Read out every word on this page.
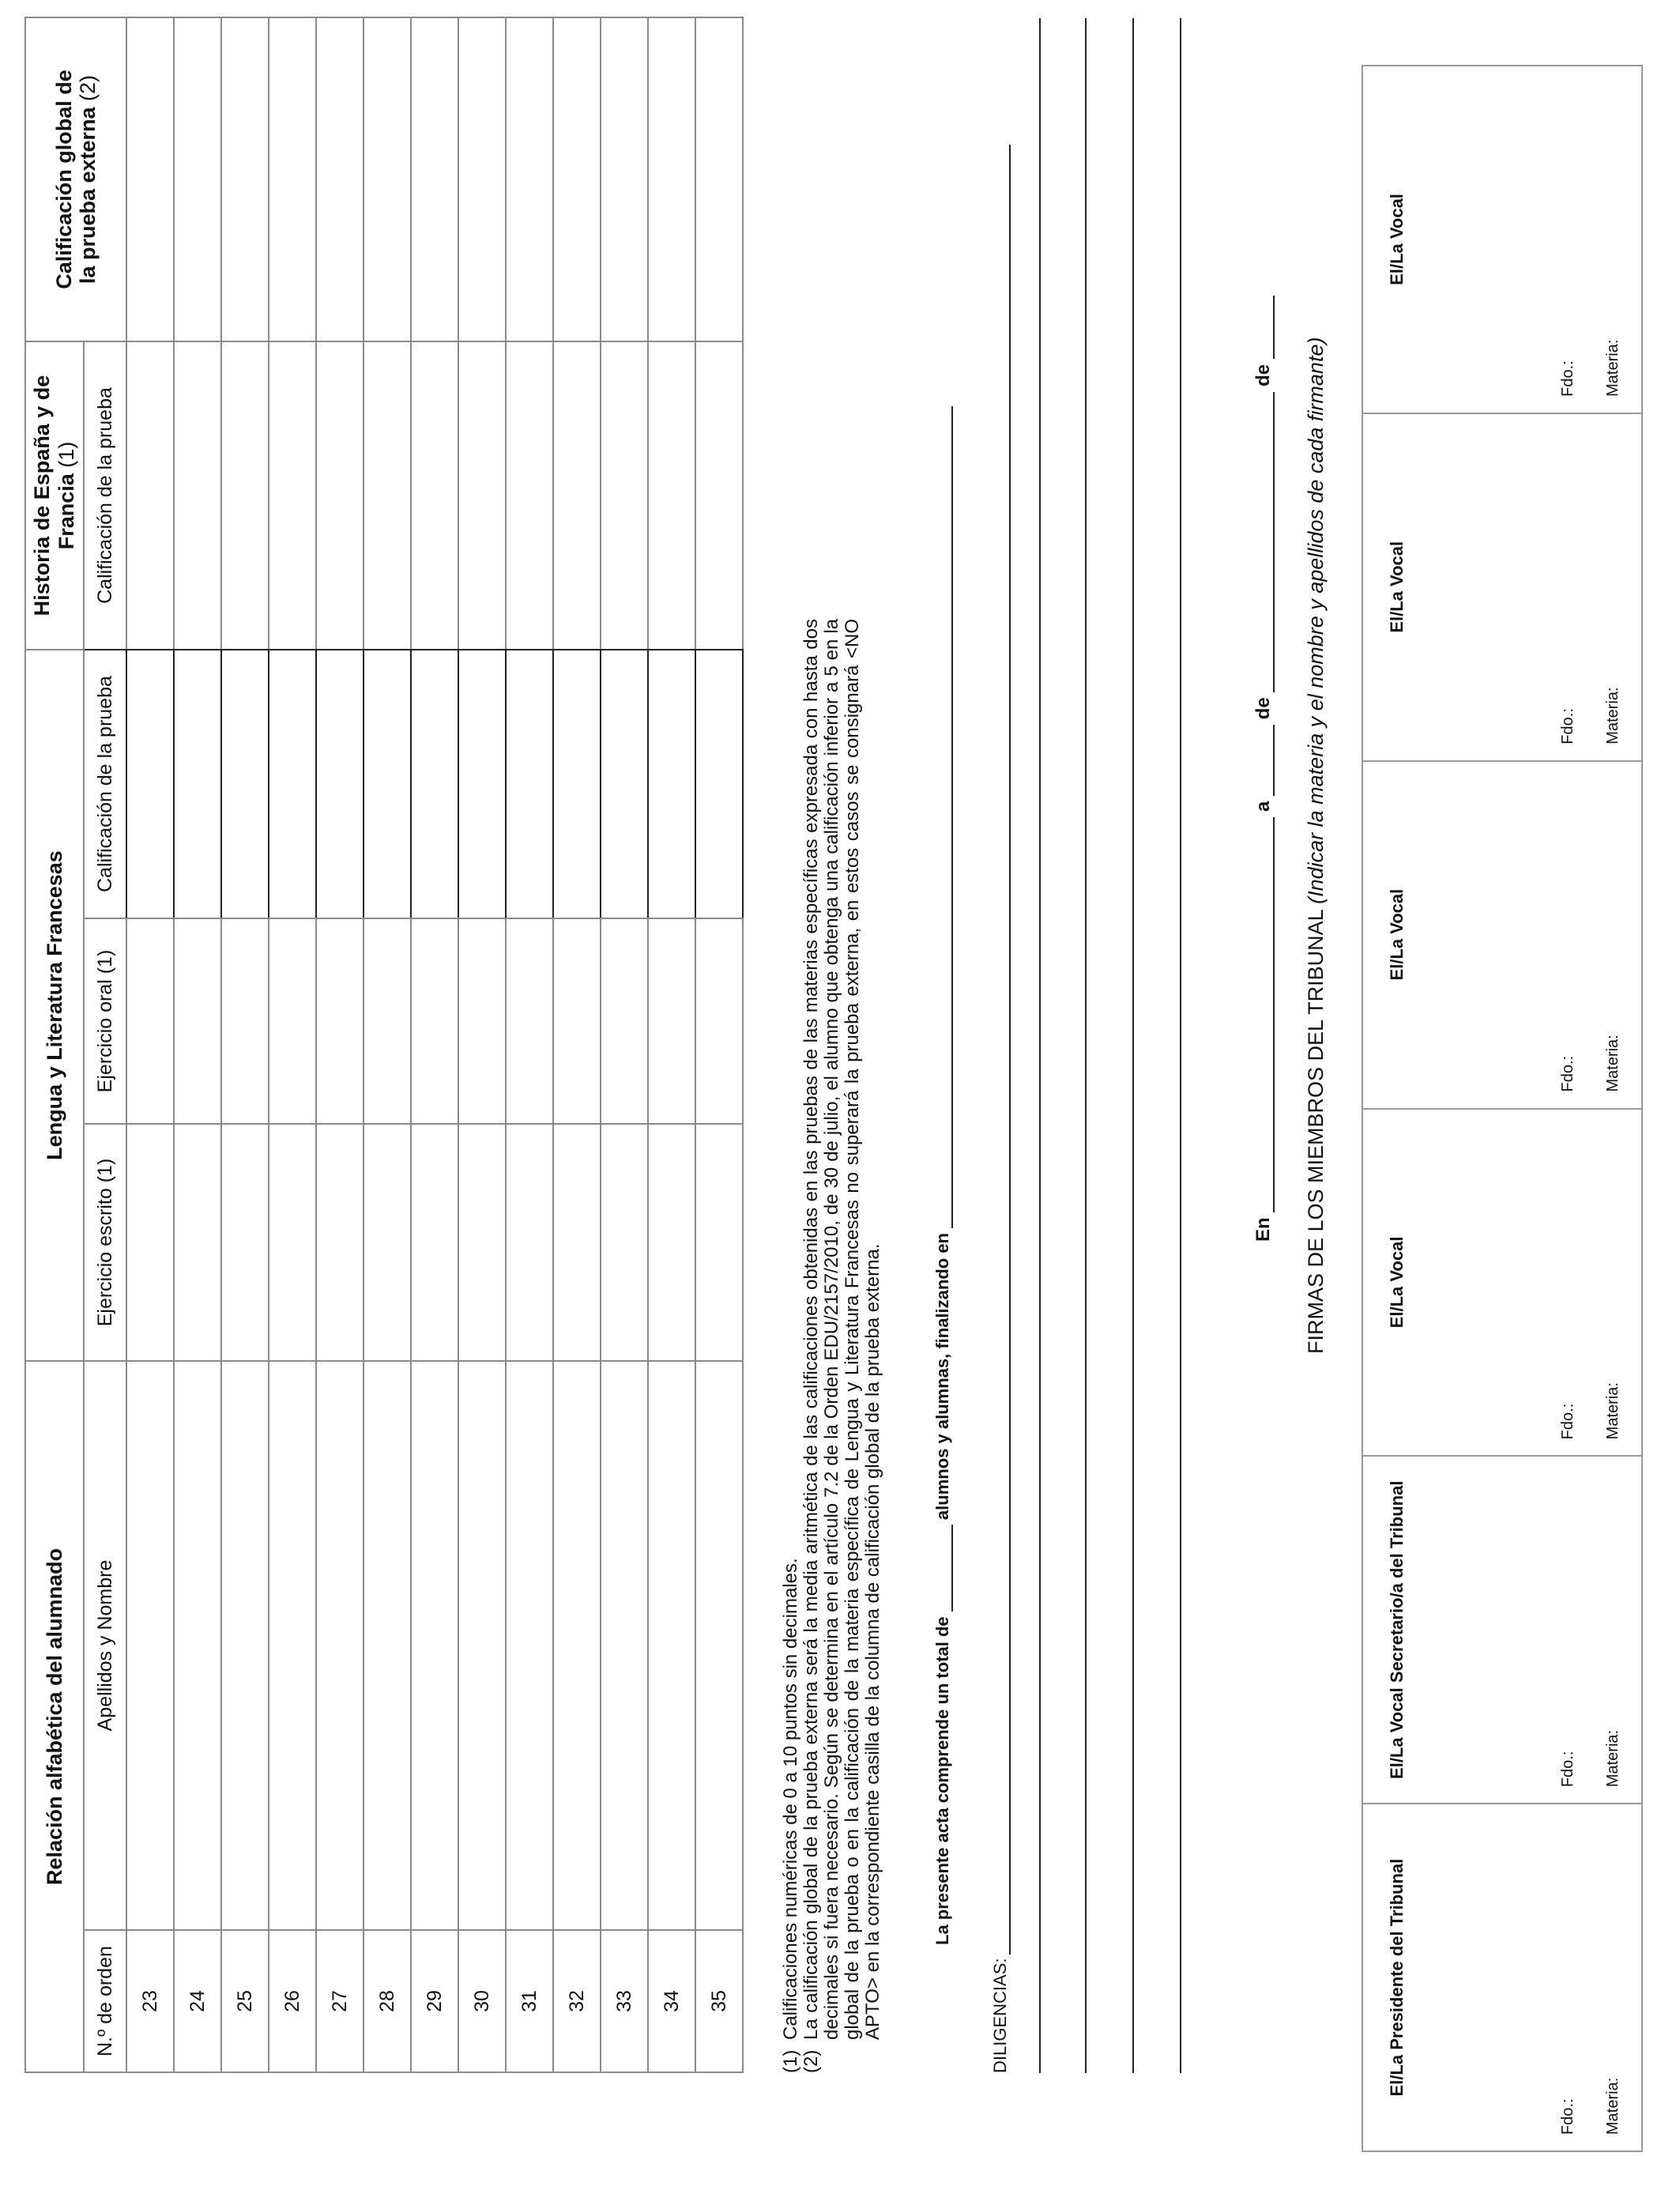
Relación alfabética del alumnado		Lengua y Literatura Francesas			Historia de España y de Francia (1)	Calificación global de la prueba externa (2)

N.º de orden	Apellidos y Nombre	Ejercicio escrito (1)	Ejercicio oral (1)	Calificación de la prueba	Calificación de la prueba	
23						
24						
25						
26						
27						
28						
29						
30						
31						
32						
33						
34						
35						
(1)
Calificaciones numéricas de 0 a 10 puntos sin decimales.
(2)
La calificación global de la prueba externa será la media aritmética de las calificaciones obtenidas en las pruebas de las materias específicas expresada con hasta dos decimales si fuera necesario. Según se determina en el artículo 7.2 de la Orden EDU/2157/2010, de 30 de julio, el alumno que obtenga una calificación inferior a 5 en la global de la prueba o en la calificación de la materia específica de Lengua y Literatura Francesas no superará la prueba externa, en estos casos se consignará <NO APTO> en la correspondiente casilla de la columna de calificación global de la prueba externa.	La presente acta comprende un total de  alumnos y alumnas, finalizando en
DILIGENCIAS:
En  a  de  de
FIRMAS DE LOS MIEMBROS DEL TRIBUNAL (Indicar la materia y el nombre y apellidos de cada firmante)
El/La Presidente del Tribunal
Fdo.: Materia:
El/La Vocal Secretario/a del Tribunal	Fdo.: Materia:
El/La Vocal
Fdo.: Materia:
El/La Vocal
Fdo.: Materia:
El/La Vocal
Fdo.: Materia:
El/La Vocal
Fdo.: Materia:
